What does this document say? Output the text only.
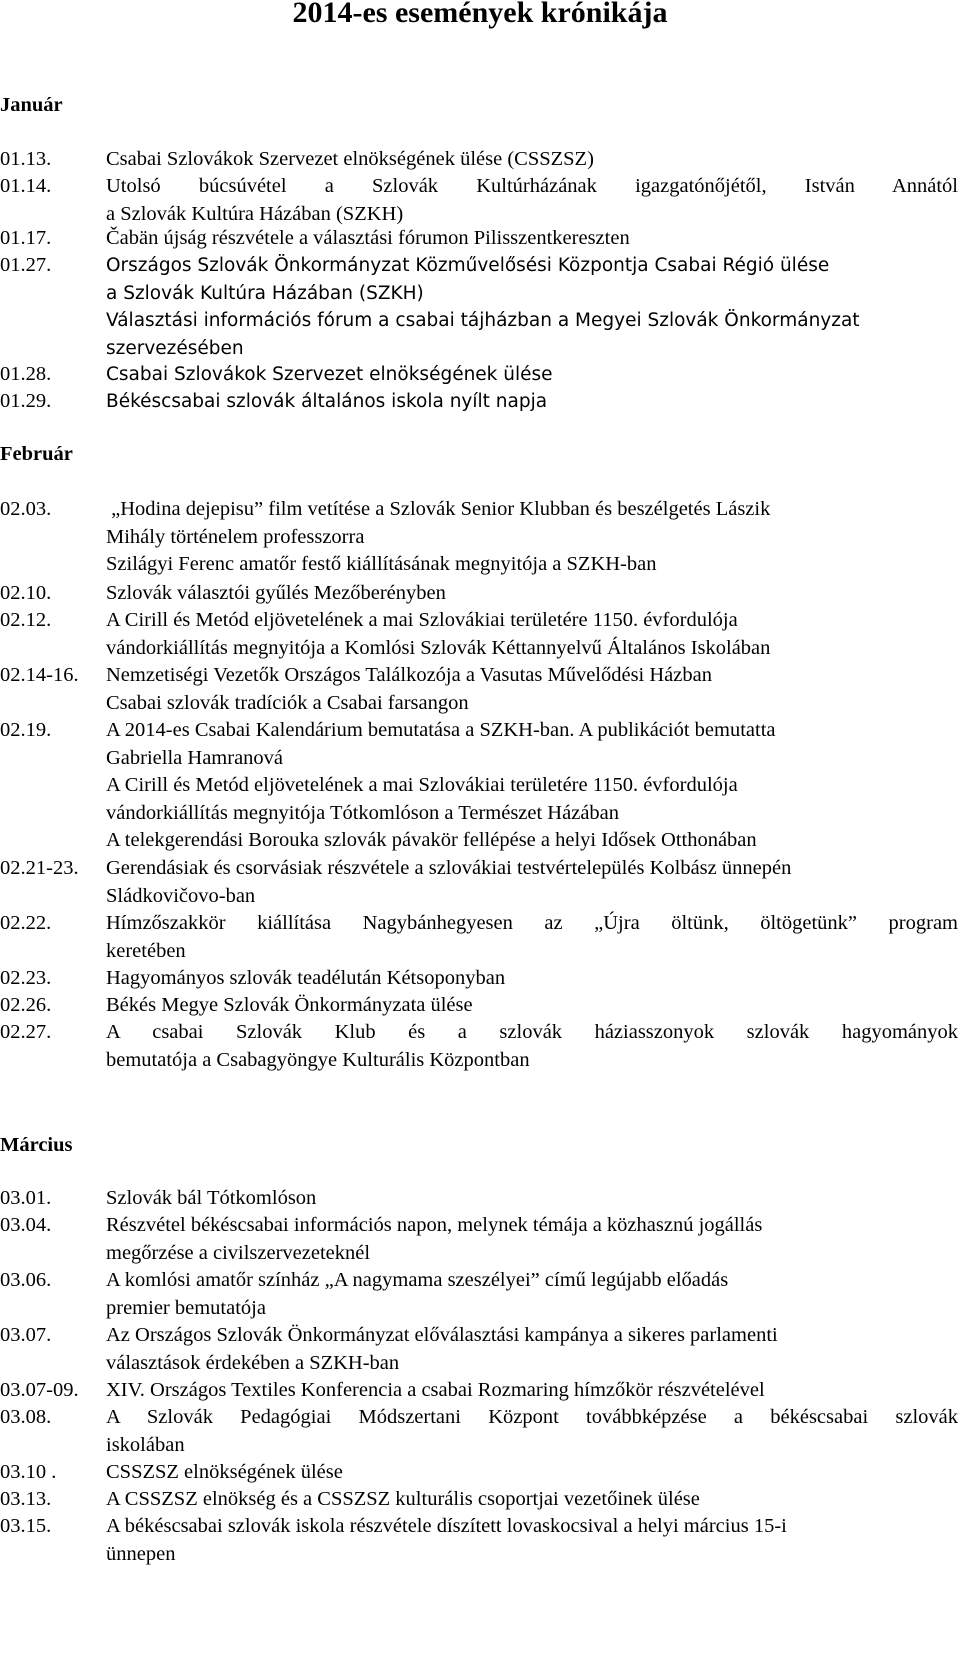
2014-es események krónikája
Január
01.13.	Csabai Szlovákok Szervezet elnökségének ülése (CSSZSZ)
01.14.	Utolsó búcsúvétel a Szlovák Kultúrházának igazgatónőjétől, István Annától
a Szlovák Kultúra Házában (SZKH)
01.17.	Čabän újság részvétele a választási fórumon Pilisszentkereszten
01.27.	Országos Szlovák Önkormányzat Közművelősési Központja Csabai Régió ülése
a Szlovák Kultúra Házában (SZKH)
Választási információs fórum a csabai tájházban a Megyei Szlovák Önkormányzat
szervezésében
01.28.	Csabai Szlovákok Szervezet elnökségének ülése
01.29.	Békéscsabai szlovák általános iskola nyílt napja
Február
02.03.	„Hodina dejepisu” film vetítése a Szlovák Senior Klubban és beszélgetés Lászik
Mihály történelem professzorra
Szilágyi Ferenc amatőr festő kiállításának megnyitója a SZKH-ban
02.10.	Szlovák választói gyűlés Mezőberényben
02.12.	A Cirill és Metód eljövetelének a mai Szlovákiai területére 1150. évfordulója
vándorkiállítás megnyitója a Komlósi Szlovák Kéttannyelvű Általános Iskolában
02.14-16. Nemzetiségi Vezetők Országos Találkozója a Vasutas Művelődési Házban
Csabai szlovák tradíciók a Csabai farsangon
02.19.	A 2014-es Csabai Kalendárium bemutatása a SZKH-ban. A publikációt bemutatta
Gabriella Hamranová
A Cirill és Metód eljövetelének a mai Szlovákiai területére 1150. évfordulója
vándorkiállítás megnyitója Tótkomlóson a Természet Házában
A telekgerendási Borouka szlovák pávakör fellépése a helyi Idősek Otthonában
02.21-23. Gerendásiak és csorvásiak részvétele a szlovákiai testvértelepülés Kolbász ünnepén
Sládkovičovo-ban
02.22.	Hímzőszakkör kiállítása Nagybánhegyesen az „Újra öltünk, öltögetünk” program
keretében
02.23.	Hagyományos szlovák teadélután Kétsoponyban
02.26.	Békés Megye Szlovák Önkormányzata ülése
02.27.	A csabai Szlovák Klub és a szlovák háziasszonyok szlovák hagyományok
bemutatója a Csabagyöngye Kulturális Központban
Március
03.01.	Szlovák bál Tótkomlóson
03.04.	Részvétel békéscsabai információs napon, melynek témája a közhasznú jogállás
megőrzése a civilszervezeteknél
03.06.	A komlósi amatőr színház „A nagymama szeszélyei” című legújabb előadás
premier bemutatója
03.07.	Az Országos Szlovák Önkormányzat előválasztási kampánya a sikeres parlamenti
választások érdekében a SZKH-ban
03.07-09. XIV. Országos Textiles Konferencia a csabai Rozmaring hímzőkör részvételével
03.08.	A Szlovák Pedagógiai Módszertani Központ továbbképzése a békéscsabai szlovák
iskolában
03.10 . CSSZSZ elnökségének ülése
03.13.	A CSSZSZ elnökség és a CSSZSZ kulturális csoportjai vezetőinek ülése
03.15.	A békéscsabai szlovák iskola részvétele díszített lovaskocsival a helyi március 15-i
ünnepen
